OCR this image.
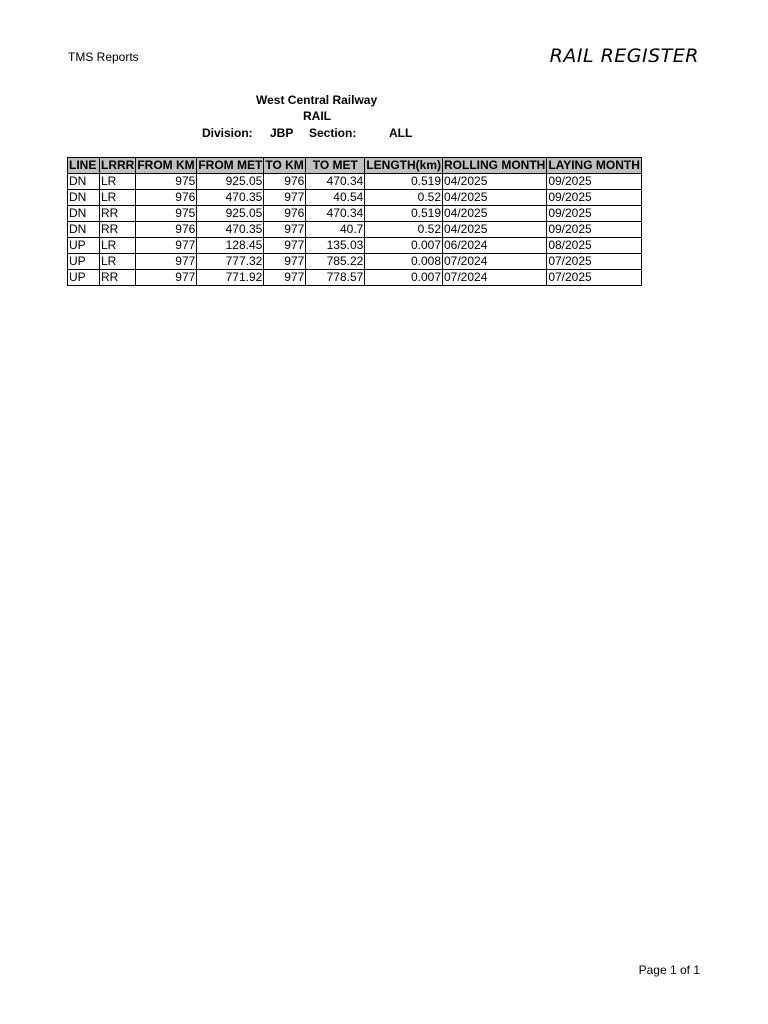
TMS Reports	RAIL REGISTER
West Central Railway
RAIL
Division: JBP Section:	ALL
LINE	LRRR	FROM KM	FROM MET	TO KM	TO MET	LENGTH(km)	ROLLING MONTH	LAYING MONTH
DN	LR	975	925.05	976	470.34	0.519	04/2025	09/2025
DN	LR	976	470.35	977	40.54	0.52	04/2025	09/2025
DN	RR	975	925.05	976	470.34	0.519	04/2025	09/2025
DN	RR	976	470.35	977	40.7	0.52	04/2025	09/2025
UP	LR	977	128.45	977	135.03	0.007	06/2024	08/2025
UP	LR	977	777.32	977	785.22	0.008	07/2024	07/2025
UP	RR	977	771.92	977	778.57	0.007	07/2024	07/2025
Page 1 of 1
